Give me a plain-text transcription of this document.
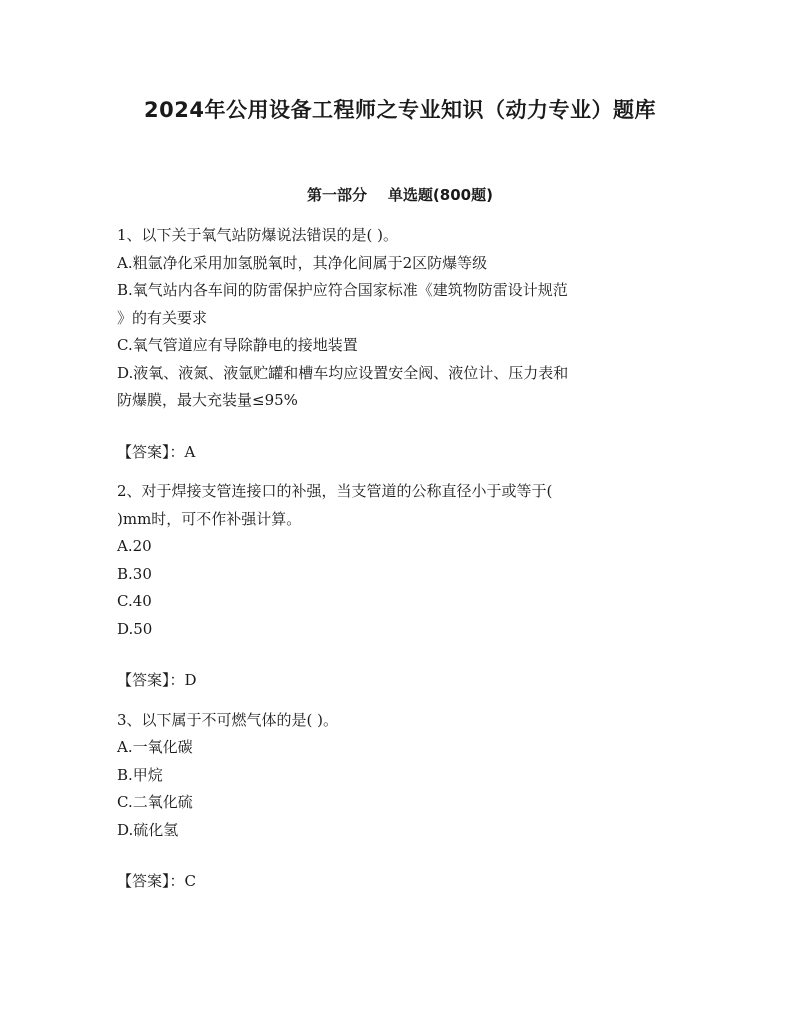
2024年公用设备工程师之专业知识（动力专业）题库
第一部分    单选题(800题)
1、以下关于氧气站防爆说法错误的是( )。
A.粗氩净化采用加氢脱氧时，其净化间属于2区防爆等级
B.氧气站内各车间的防雷保护应符合国家标准《建筑物防雷设计规范
》的有关要求
C.氧气管道应有导除静电的接地装置
D.液氧、液氮、液氩贮罐和槽车均应设置安全阀、液位计、压力表和
防爆膜，最大充装量≤95%
【答案】：A
2、对于焊接支管连接口的补强，当支管道的公称直径小于或等于(
)mm时，可不作补强计算。
A.20
B.30
C.40
D.50
【答案】：D
3、以下属于不可燃气体的是( )。
A.一氧化碳
B.甲烷
C.二氧化硫
D.硫化氢
【答案】：C
